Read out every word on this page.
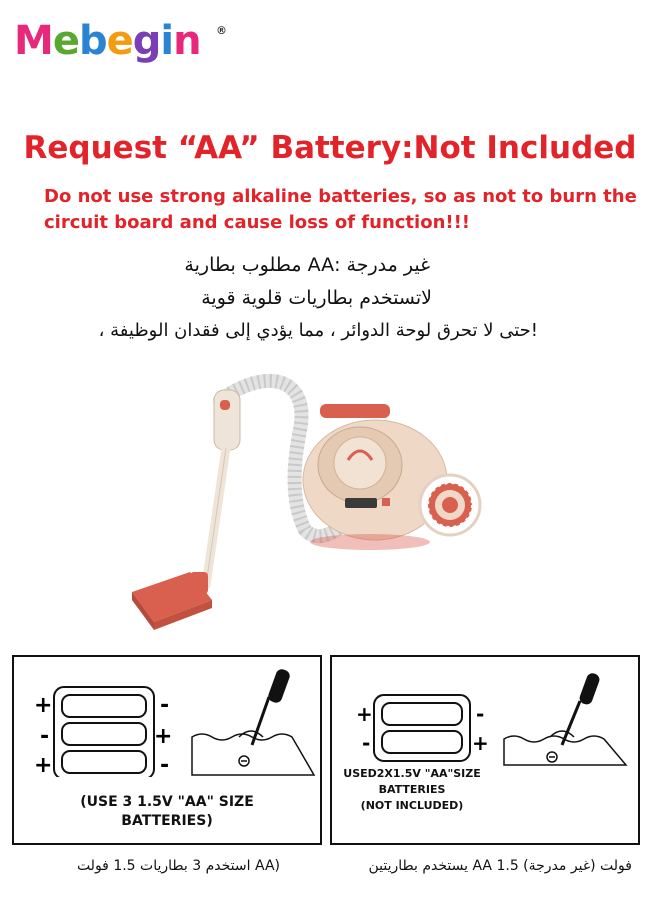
Mebegin ®
Request “AA” Battery:Not Included
Do not use strong alkaline batteries, so as not to burn the
circuit board and cause loss of function!!!
غير مدرجة :AA مطلوب بطارية
لاتستخدم بطاريات قلوية قوية
!حتى لا تحرق لوحة الدوائر ، مما يؤدي إلى فقدان الوظيفة ،
+
-
+
-
+
-
(USE 3 1.5V "AA" SIZE
BATTERIES)
+
-
-
+
USED2X1.5V "AA"SIZE
BATTERIES
(NOT INCLUDED)
(AA استخدم 3 بطاريات 1.5 فولت	فولت (غير مدرجة) AA 1.5 يستخدم بطاريتين
